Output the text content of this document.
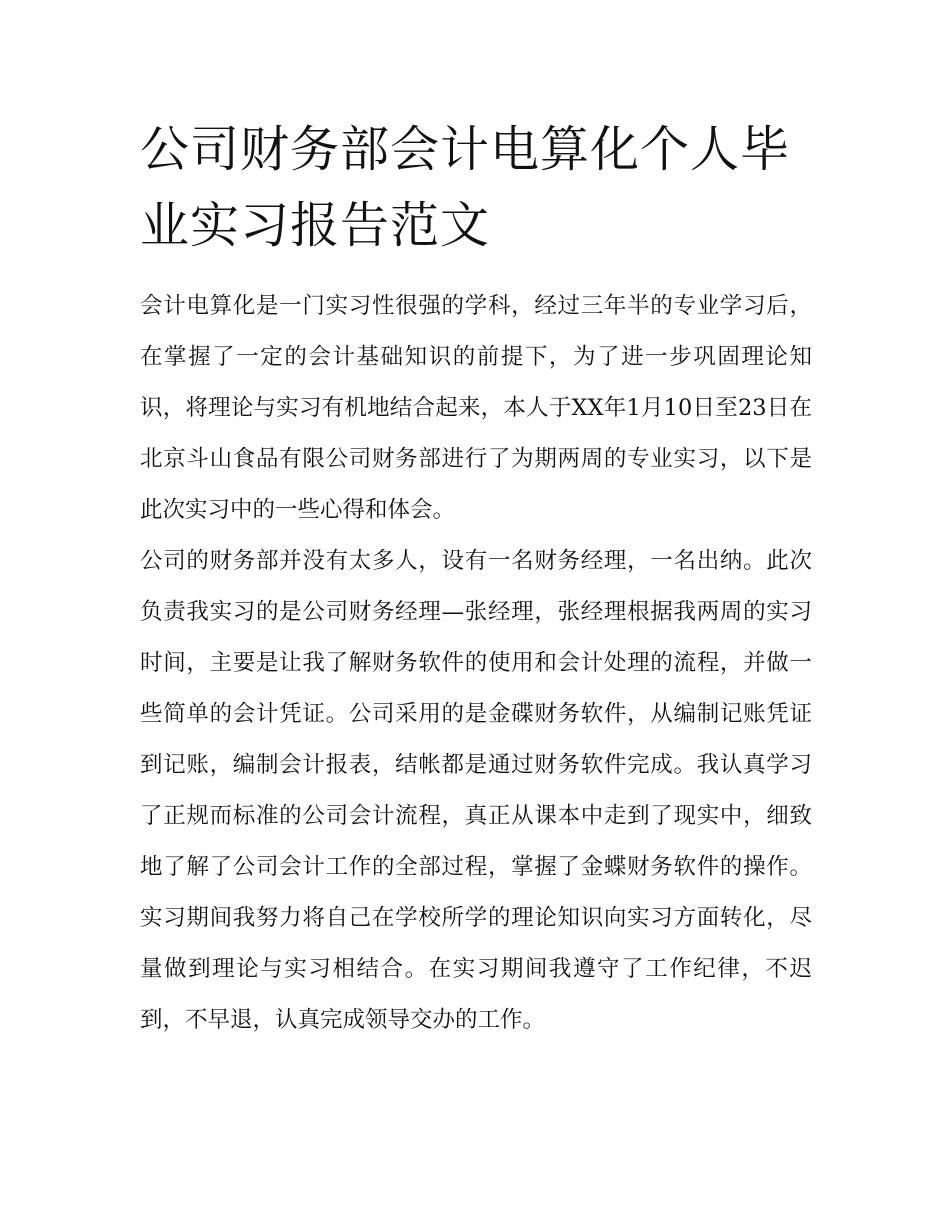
公司财务部会计电算化个人毕业实习报告范文

会计电算化是一门实习性很强的学科，经过三年半的专业学习后，在掌握了一定的会计基础知识的前提下，为了进一步巩固理论知识，将理论与实习有机地结合起来，本人于XX年1月10日至23日在北京斗山食品有限公司财务部进行了为期两周的专业实习，以下是此次实习中的一些心得和体会。

公司的财务部并没有太多人，设有一名财务经理，一名出纳。此次负责我实习的是公司财务经理—张经理，张经理根据我两周的实习时间，主要是让我了解财务软件的使用和会计处理的流程，并做一些简单的会计凭证。公司采用的是金碟财务软件，从编制记账凭证到记账，编制会计报表，结帐都是通过财务软件完成。我认真学习了正规而标准的公司会计流程，真正从课本中走到了现实中，细致地了解了公司会计工作的全部过程，掌握了金蝶财务软件的操作。实习期间我努力将自己在学校所学的理论知识向实习方面转化，尽量做到理论与实习相结合。在实习期间我遵守了工作纪律，不迟到，不早退，认真完成领导交办的工作。
